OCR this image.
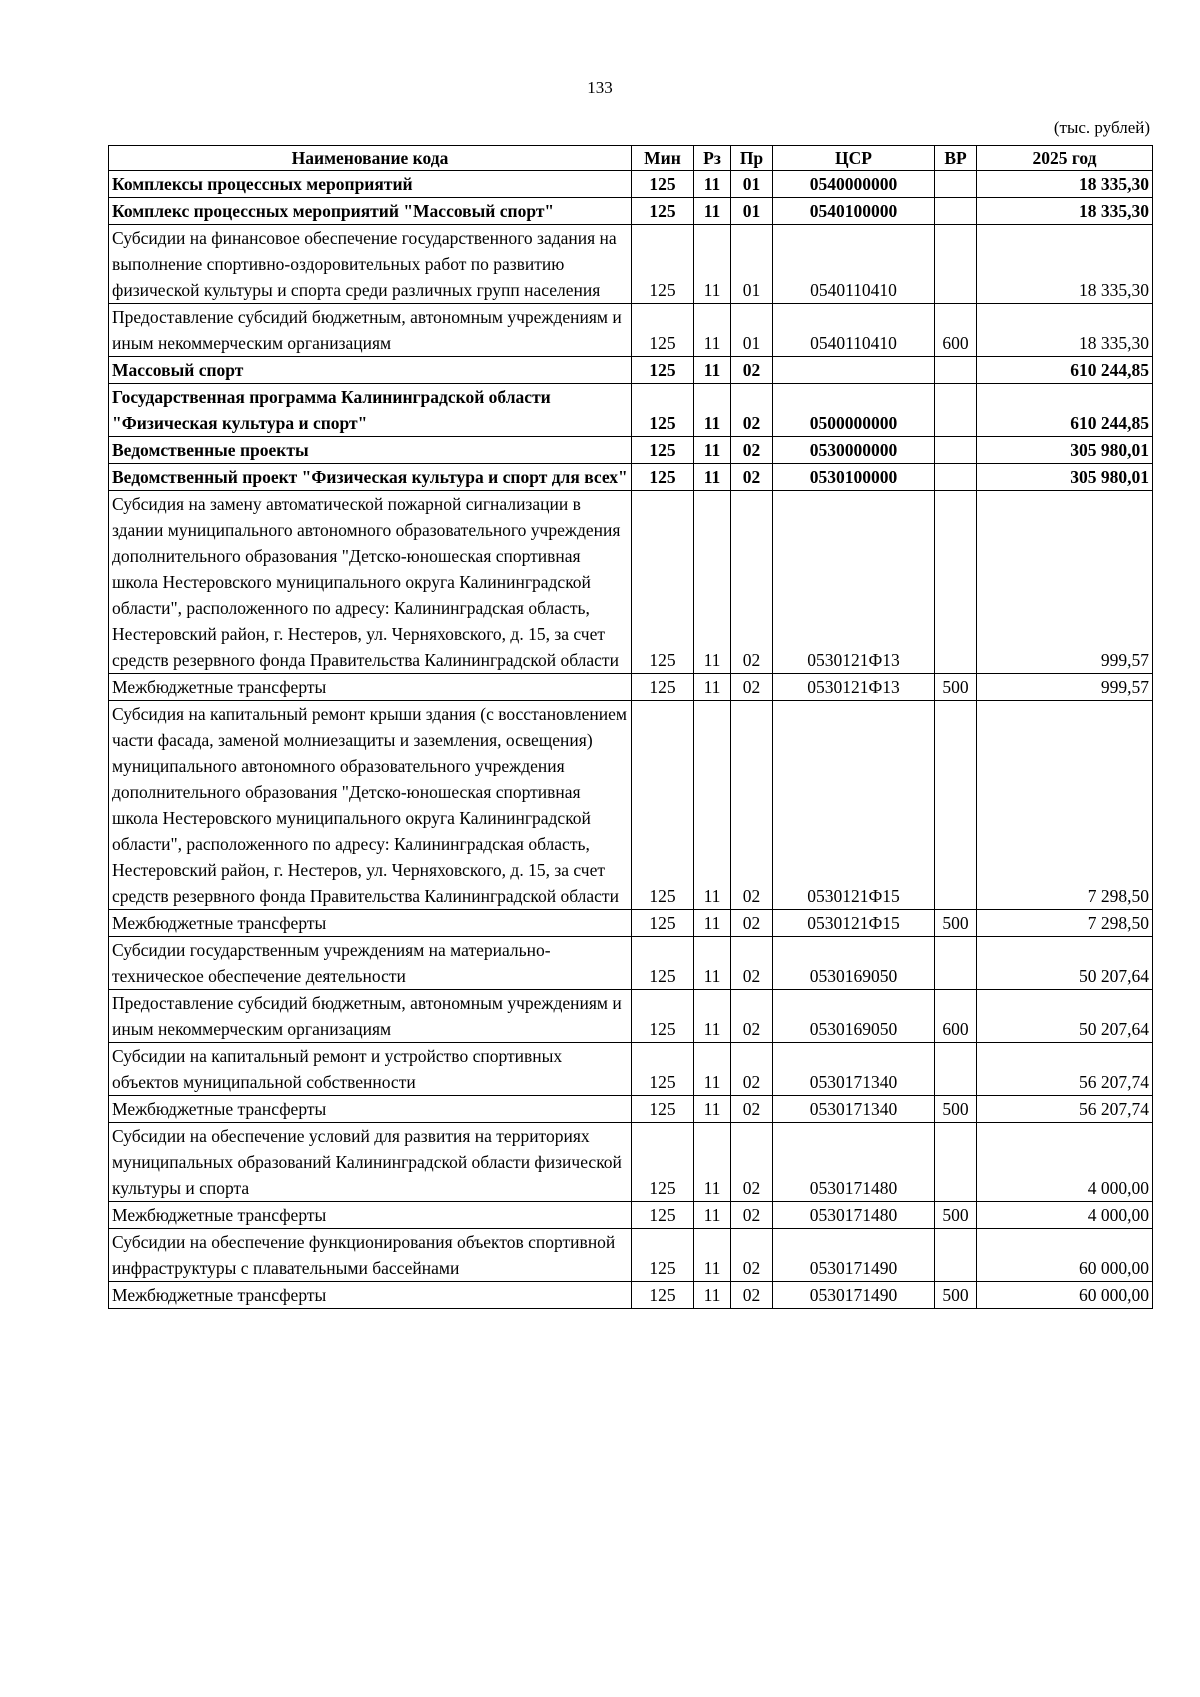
133
(тыс. рублей)
Наименование кода	Мин	Рз	Пр	ЦСР	ВР	2025 год
Комплексы процессных мероприятий	125	11	01	0540000000		18 335,30
Комплекс процессных мероприятий "Массовый спорт"	125	11	01	0540100000		18 335,30
Субсидии на финансовое обеспечение государственного задания на выполнение спортивно-оздоровительных работ по развитию физической культуры и спорта среди различных групп населения	125	11	01	0540110410		18 335,30
Предоставление субсидий бюджетным, автономным учреждениям и иным некоммерческим организациям	125	11	01	0540110410	600	18 335,30
Массовый спорт	125	11	02			610 244,85
Государственная программа Калининградской области "Физическая культура и спорт"	125	11	02	0500000000		610 244,85
Ведомственные проекты	125	11	02	0530000000		305 980,01
Ведомственный проект "Физическая культура и спорт для всех"	125	11	02	0530100000		305 980,01
Субсидия на замену автоматической пожарной сигнализации в здании муниципального автономного образовательного учреждения дополнительного образования "Детско-юношеская спортивная школа Нестеровского муниципального округа Калининградской области", расположенного по адресу: Калининградская область, Нестеровский район, г. Нестеров, ул. Черняховского, д. 15, за счет средств резервного фонда Правительства Калининградской области	125	11	02	0530121Ф13		999,57
Межбюджетные трансферты	125	11	02	0530121Ф13	500	999,57
Субсидия на капитальный ремонт крыши здания (с восстановлением части фасада, заменой молниезащиты и заземления, освещения) муниципального автономного образовательного учреждения дополнительного образования "Детско-юношеская спортивная школа Нестеровского муниципального округа Калининградской области", расположенного по адресу: Калининградская область, Нестеровский район, г. Нестеров, ул. Черняховского, д. 15, за счет средств резервного фонда Правительства Калининградской области	125	11	02	0530121Ф15		7 298,50
Межбюджетные трансферты	125	11	02	0530121Ф15	500	7 298,50
Субсидии государственным учреждениям на материально-техническое обеспечение деятельности	125	11	02	0530169050		50 207,64
Предоставление субсидий бюджетным, автономным учреждениям и иным некоммерческим организациям	125	11	02	0530169050	600	50 207,64
Субсидии на капитальный ремонт и устройство спортивных объектов муниципальной собственности	125	11	02	0530171340		56 207,74
Межбюджетные трансферты	125	11	02	0530171340	500	56 207,74
Субсидии на обеспечение условий для развития на территориях муниципальных образований Калининградской области физической культуры и спорта	125	11	02	0530171480		4 000,00
Межбюджетные трансферты	125	11	02	0530171480	500	4 000,00
Субсидии на обеспечение функционирования объектов спортивной инфраструктуры с плавательными бассейнами	125	11	02	0530171490		60 000,00
Межбюджетные трансферты	125	11	02	0530171490	500	60 000,00
